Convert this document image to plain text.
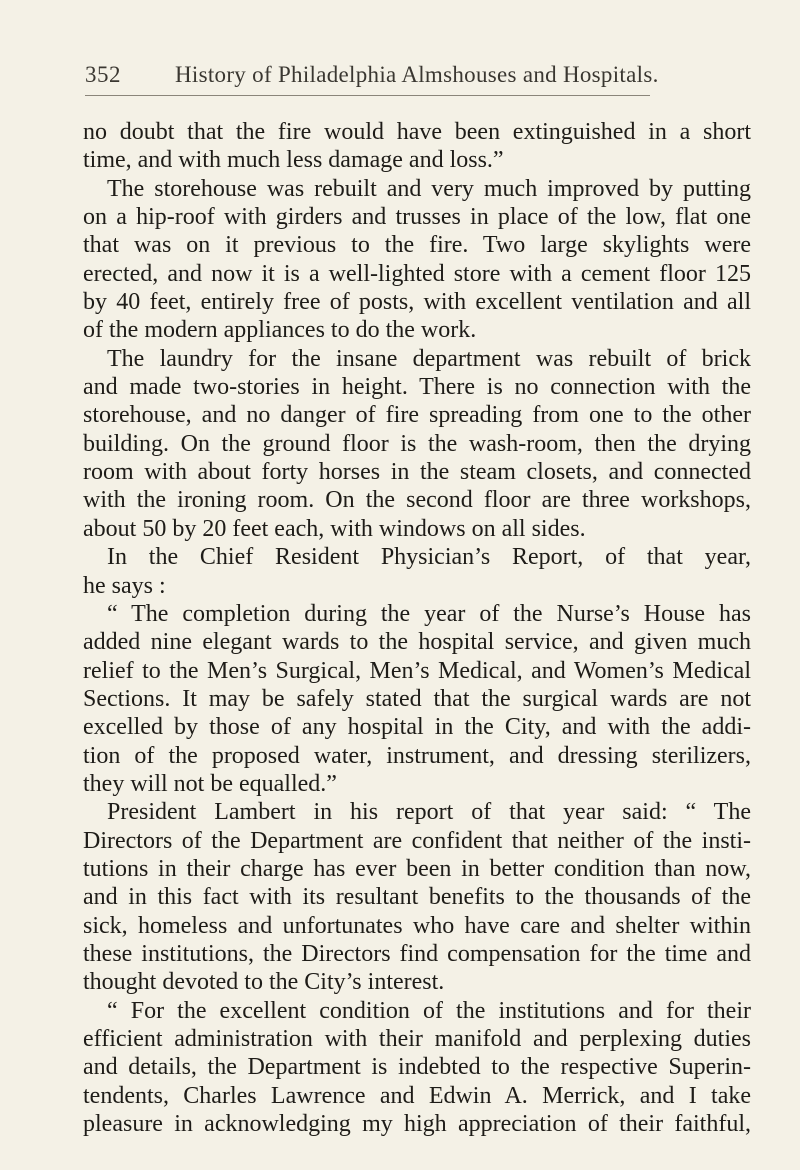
352 History of Philadelphia Almshouses and Hospitals.
no doubt that the fire would have been extinguished in a short
time, and with much less damage and loss.”
The storehouse was rebuilt and very much improved by putting
on a hip-roof with girders and trusses in place of the low, flat one
that was on it previous to the fire. Two large skylights were
erected, and now it is a well-lighted store with a cement floor 125
by 40 feet, entirely free of posts, with excellent ventilation and all
of the modern appliances to do the work.
The laundry for the insane department was rebuilt of brick
and made two-stories in height. There is no connection with the
storehouse, and no danger of fire spreading from one to the other
building. On the ground floor is the wash-room, then the drying
room with about forty horses in the steam closets, and connected
with the ironing room. On the second floor are three workshops,
about 50 by 20 feet each, with windows on all sides.
In the Chief Resident Physician’s Report, of that year,
he says :
“ The completion during the year of the Nurse’s House has
added nine elegant wards to the hospital service, and given much
relief to the Men’s Surgical, Men’s Medical, and Women’s Medical
Sections. It may be safely stated that the surgical wards are not
excelled by those of any hospital in the City, and with the addi-
tion of the proposed water, instrument, and dressing sterilizers,
they will not be equalled.”
President Lambert in his report of that year said: “ The
Directors of the Department are confident that neither of the insti-
tutions in their charge has ever been in better condition than now,
and in this fact with its resultant benefits to the thousands of the
sick, homeless and unfortunates who have care and shelter within
these institutions, the Directors find compensation for the time and
thought devoted to the City’s interest.
“ For the excellent condition of the institutions and for their
efficient administration with their manifold and perplexing duties
and details, the Department is indebted to the respective Superin-
tendents, Charles Lawrence and Edwin A. Merrick, and I take
pleasure in acknowledging my high appreciation of their faithful,
